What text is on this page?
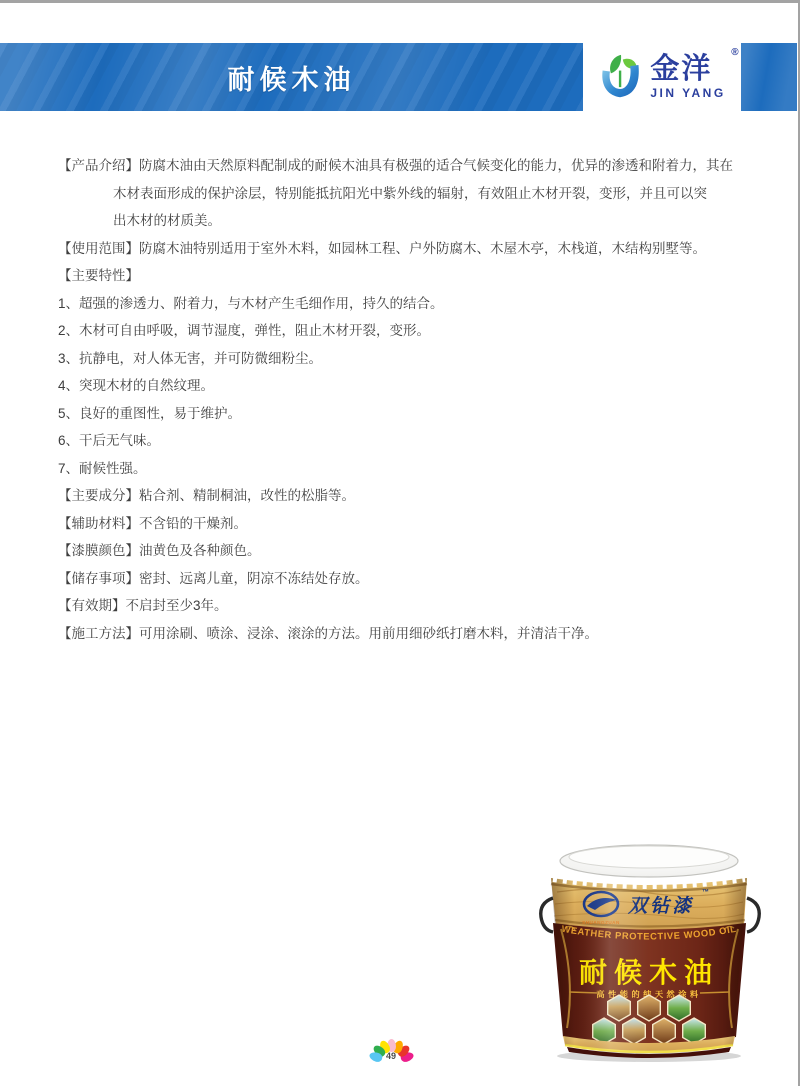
耐候木油	金洋
®
JIN YANG
【产品介绍】防腐木油由天然原料配制成的耐候木油具有极强的适合气候变化的能力，优异的渗透和附着力，其在
木材表面形成的保护涂层，特别能抵抗阳光中紫外线的辐射，有效阻止木材开裂，变形，并且可以突
出木材的材质美。
【使用范围】防腐木油特别适用于室外木料，如园林工程、户外防腐木、木屋木亭，木栈道，木结构别墅等。
【主要特性】
1、超强的渗透力、附着力，与木材产生毛细作用，持久的结合。
2、木材可自由呼吸，调节湿度，弹性，阻止木材开裂，变形。
3、抗静电，对人体无害，并可防微细粉尘。
4、突现木材的自然纹理。
5、良好的重图性，易于维护。
6、干后无气味。
7、耐候性强。
【主要成分】粘合剂、精制桐油，改性的松脂等。
【辅助材料】不含铅的干燥剂。
【漆膜颜色】油黄色及各种颜色。
【储存事项】密封、远离儿童，阴凉不冻结处存放。
【有效期】不启封至少3年。
【施工方法】可用涂刷、喷涂、浸涂、滚涂的方法。用前用细砂纸打磨木料，并清洁干净。
49
